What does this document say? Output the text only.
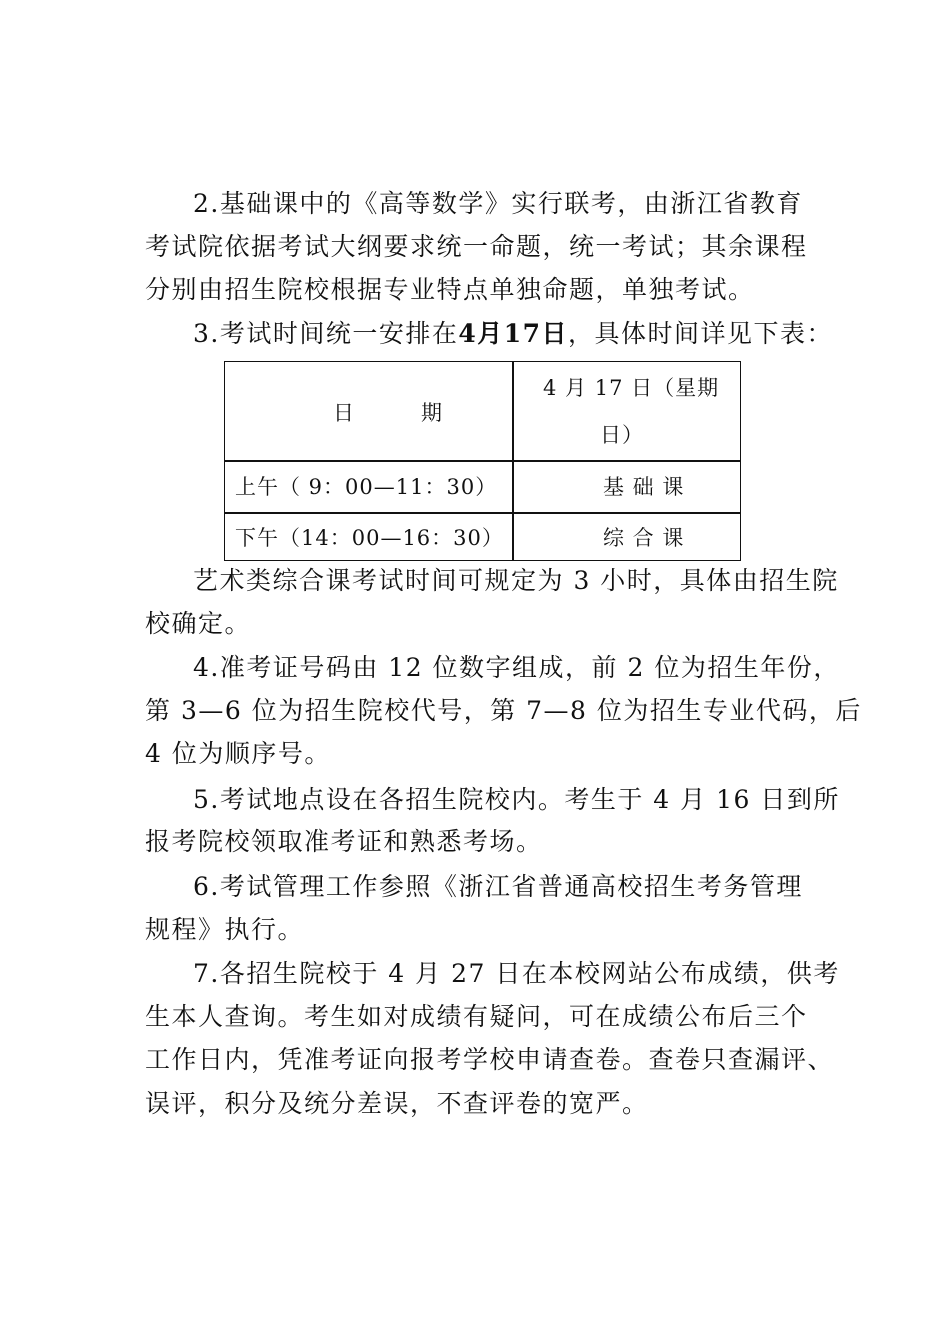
2.基础课中的《高等数学》实行联考，由浙江省教育
考试院依据考试大纲要求统一命题，统一考试；其余课程
分别由招生院校根据专业特点单独命题，单独考试。
3.考试时间统一安排在4月17日，具体时间详见下表：
日　　　期
4 月 17 日（星期
日）
上午（ 9：00—11：30）	基 础 课
下午（14：00—16：30）	综 合 课
艺术类综合课考试时间可规定为 3 小时，具体由招生院
校确定。
4.准考证号码由 12 位数字组成，前 2 位为招生年份，
第 3—6 位为招生院校代号，第 7—8 位为招生专业代码，后
4 位为顺序号。
5.考试地点设在各招生院校内。考生于 4 月 16 日到所
报考院校领取准考证和熟悉考场。
6.考试管理工作参照《浙江省普通高校招生考务管理
规程》执行。
7.各招生院校于 4 月 27 日在本校网站公布成绩，供考
生本人查询。考生如对成绩有疑问，可在成绩公布后三个
工作日内，凭准考证向报考学校申请查卷。查卷只查漏评、
误评，积分及统分差误，不查评卷的宽严。
